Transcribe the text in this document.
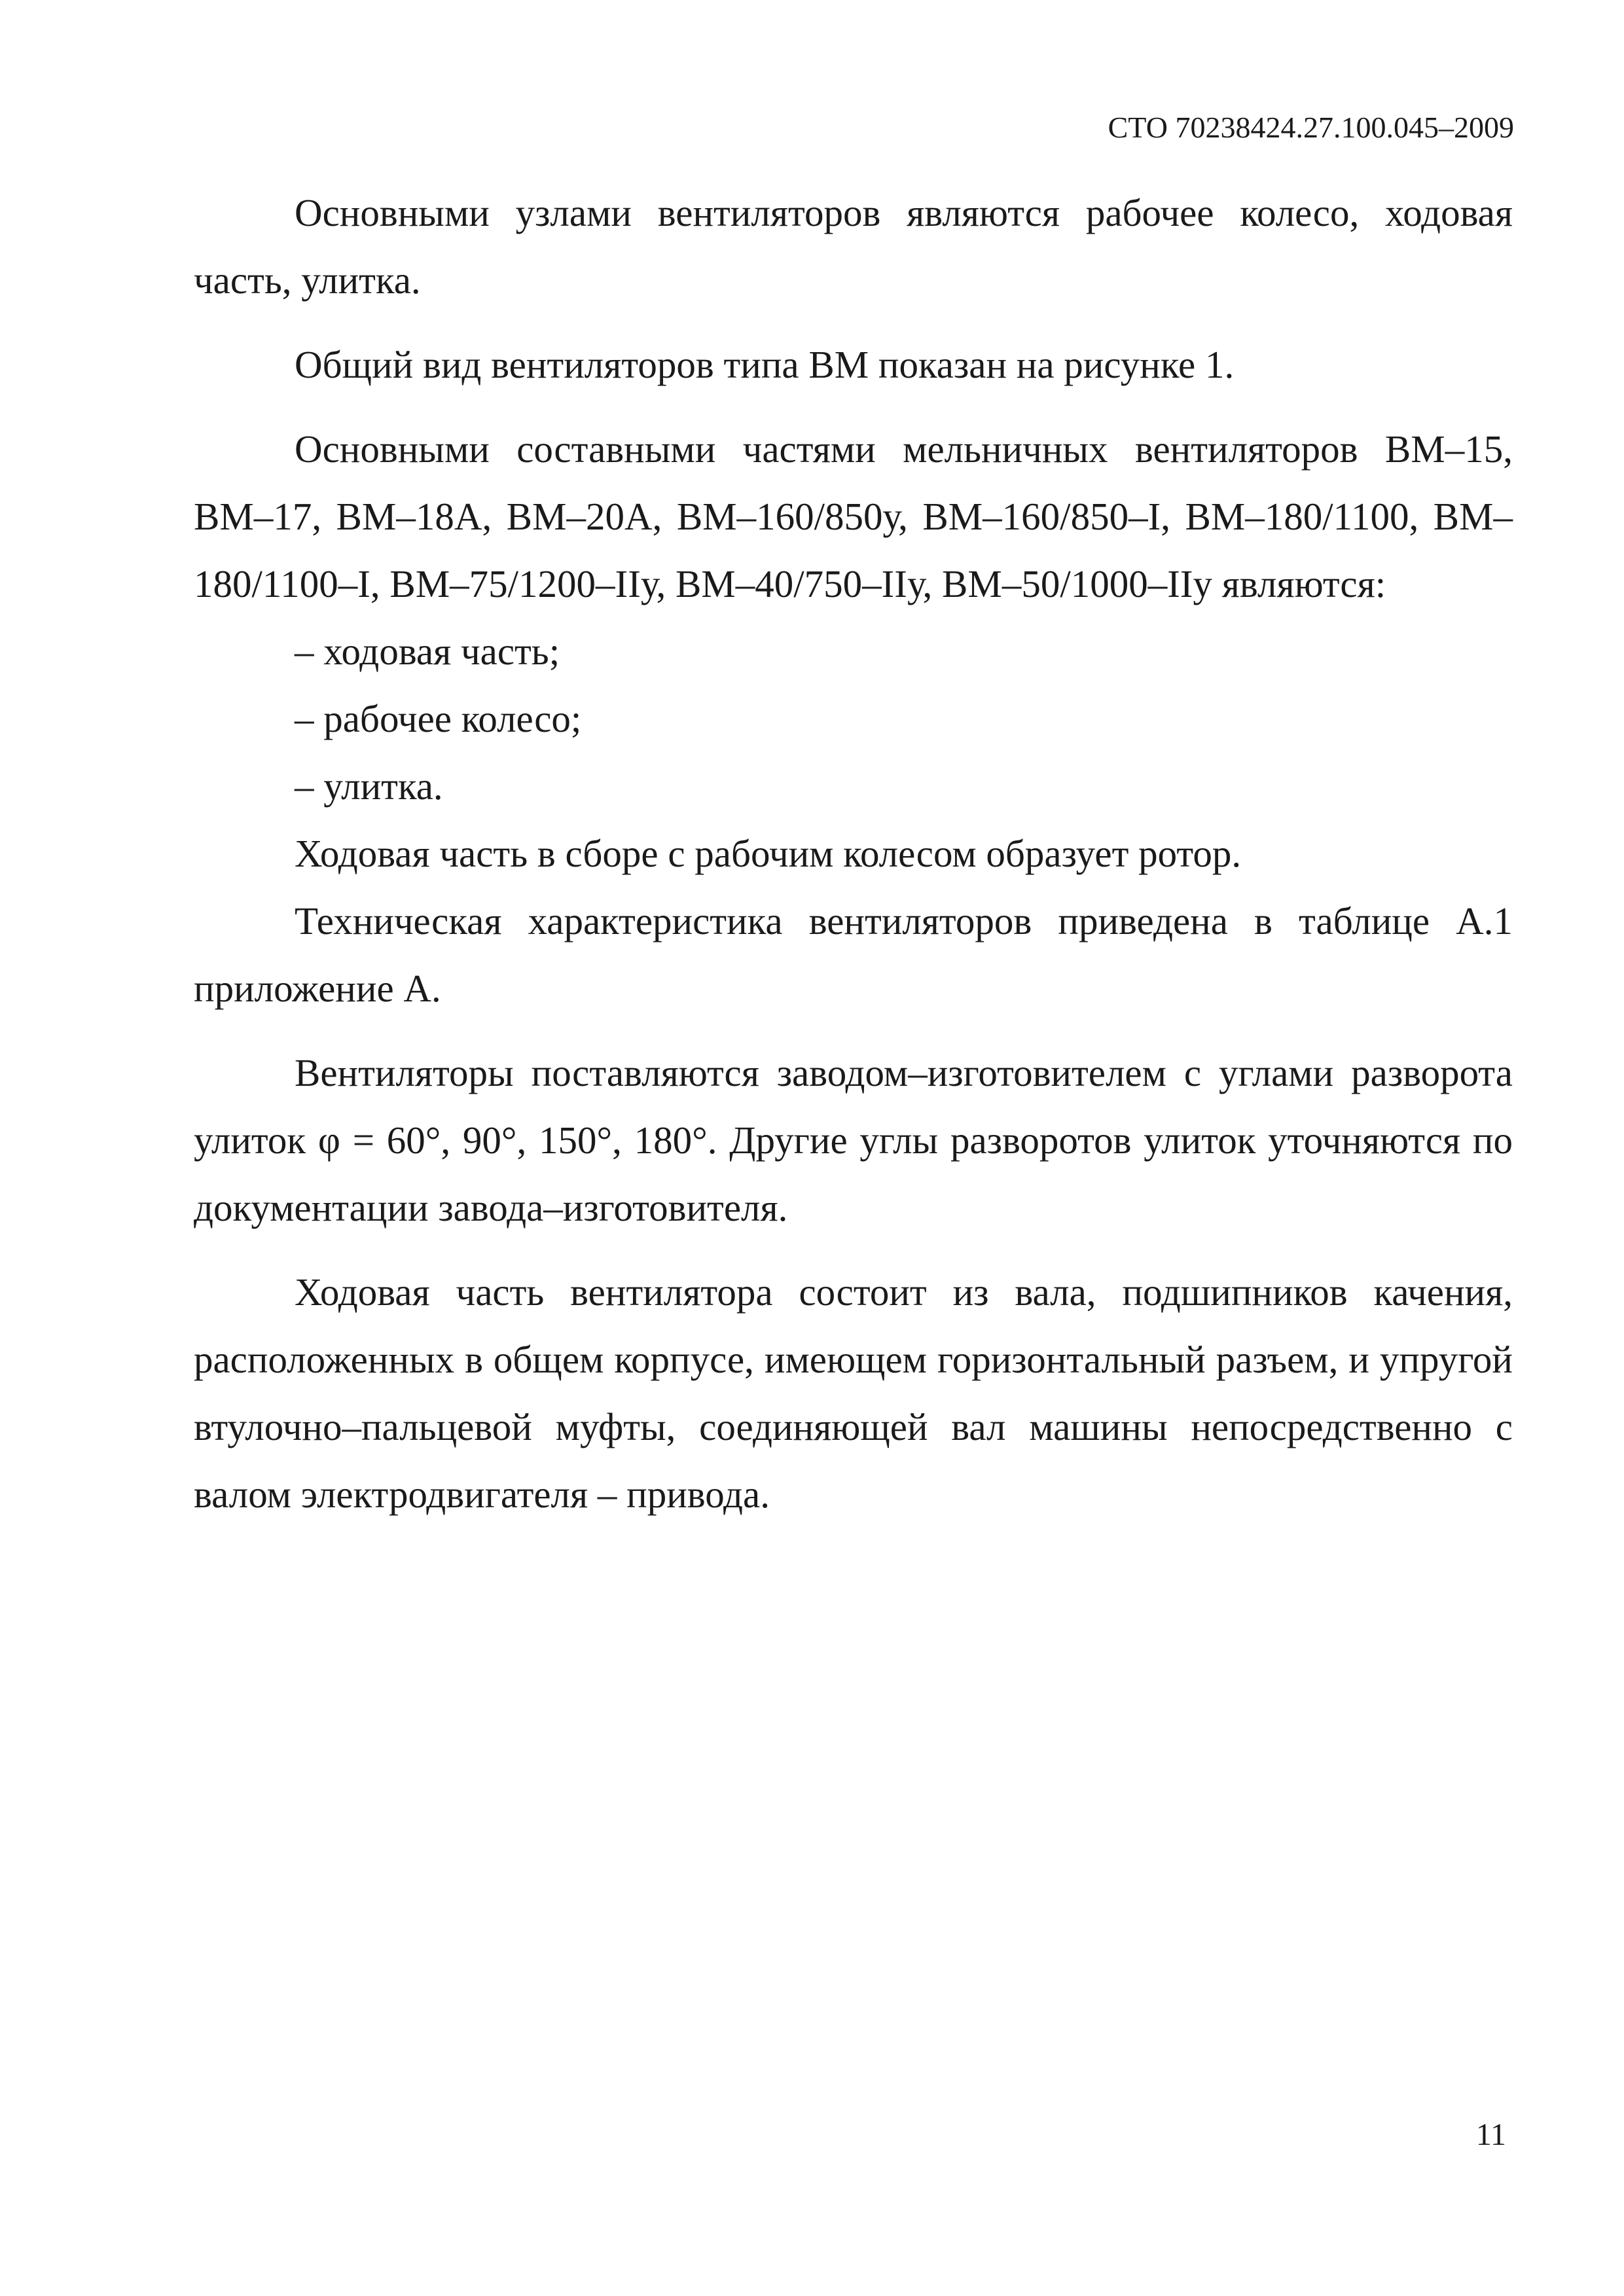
СТО 70238424.27.100.045–2009

Основными узлами вентиляторов являются рабочее колесо, ходовая часть, улитка.

Общий вид вентиляторов типа ВМ показан на рисунке 1.

Основными составными частями мельничных вентиляторов ВМ–15, ВМ–17, ВМ–18А, ВМ–20А, ВМ–160/850у, ВМ–160/850–I, ВМ–180/1100, ВМ–180/1100–I, ВМ–75/1200–IIу, ВМ–40/750–IIу, ВМ–50/1000–IIу являются:

– ходовая часть;

– рабочее колесо;

– улитка.

Ходовая часть в сборе с рабочим колесом образует ротор.

Техническая характеристика вентиляторов приведена в таблице А.1 приложение А.

Вентиляторы поставляются заводом–изготовителем с углами разворота улиток φ = 60°, 90°, 150°, 180°. Другие углы разворотов улиток уточняются по документации завода–изготовителя.

Ходовая часть вентилятора состоит из вала, подшипников качения, расположенных в общем корпусе, имеющем горизонтальный разъем, и упругой втулочно–пальцевой муфты, соединяющей вал машины непосредственно с валом электродвигателя – привода.

11
